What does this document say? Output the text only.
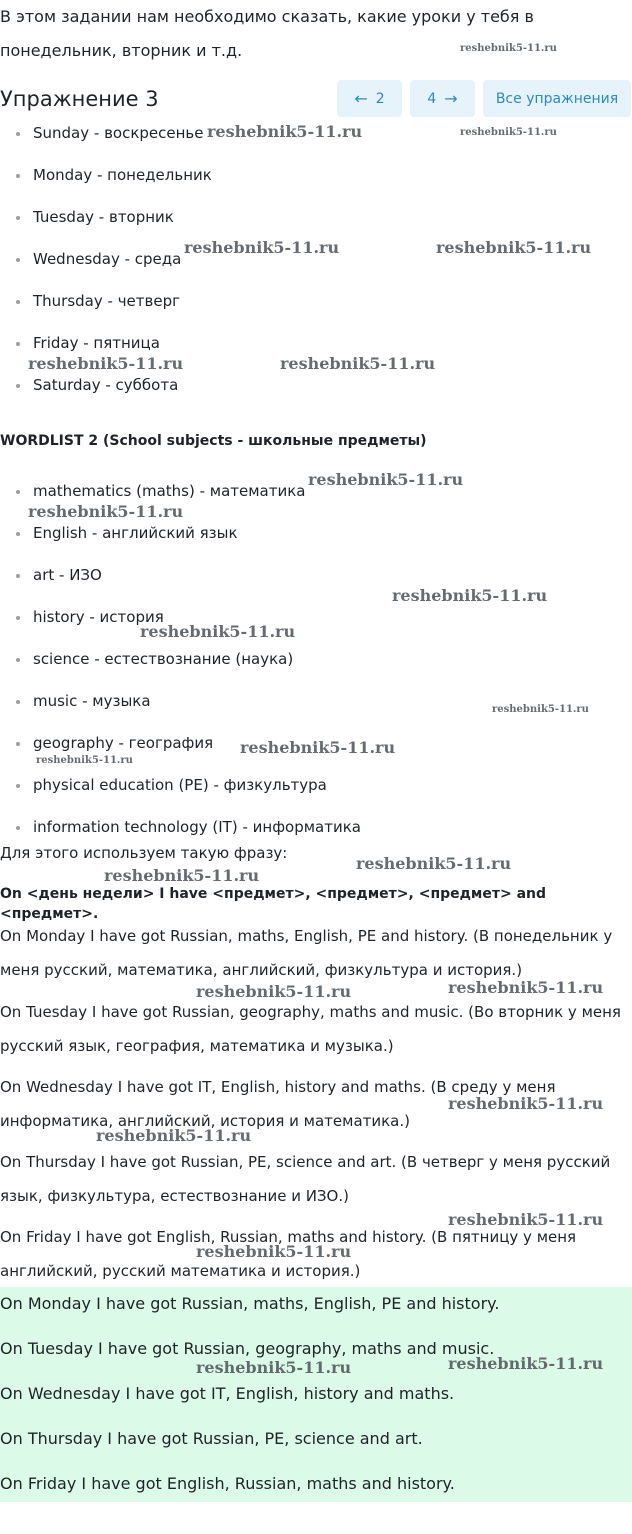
В этом задании нам необходимо сказать, какие уроки у тебя в понедельник, вторник и т.д.

Упражнение 3	← 2	4 →	Все упражнения
Sunday - воскресенье
Monday - понедельник
Tuesday - вторник
Wednesday - среда
Thursday - четверг
Friday - пятница
Saturday - суббота

WORDLIST 2 (School subjects - школьные предметы)

mathematics (maths) - математика
English - английский язык
art - ИЗО
history - история
science - естествознание (наука)
music - музыка
geography - география
physical education (PE) - физкультура
information technology (IT) - информатика

Для этого используем такую фразу:

On <день недели> I have <предмет>, <предмет>, <предмет> and <предмет>.

On Monday I have got Russian, maths, English, PE and history. (В понедельник у меня русский, математика, английский, физкультура и история.)

On Tuesday I have got Russian, geography, maths and music. (Во вторник у меня русский язык, география, математика и музыка.)

On Wednesday I have got IT, English, history and maths. (В среду у меня информатика, английский, история и математика.)

On Thursday I have got Russian, PE, science and art. (В четверг у меня русский язык, физкультура, естествознание и ИЗО.)

On Friday I have got English, Russian, maths and history. (В пятницу у меня английский, русский математика и история.)

On Monday I have got Russian, maths, English, PE and history.

On Tuesday I have got Russian, geography, maths and music.

On Wednesday I have got IT, English, history and maths.

On Thursday I have got Russian, PE, science and art.

On Friday I have got English, Russian, maths and history.

reshebnik5-11.ru
reshebnik5-11.ru	reshebnik5-11.ru
reshebnik5-11.ru	reshebnik5-11.ru
reshebnik5-11.ru	reshebnik5-11.ru
reshebnik5-11.ru
reshebnik5-11.ru
reshebnik5-11.ru
reshebnik5-11.ru
reshebnik5-11.ru
reshebnik5-11.ru
reshebnik5-11.ru
reshebnik5-11.ru
reshebnik5-11.ru
reshebnik5-11.ru	reshebnik5-11.ru
reshebnik5-11.ru
reshebnik5-11.ru
reshebnik5-11.ru
reshebnik5-11.ru
reshebnik5-11.ru	reshebnik5-11.ru
